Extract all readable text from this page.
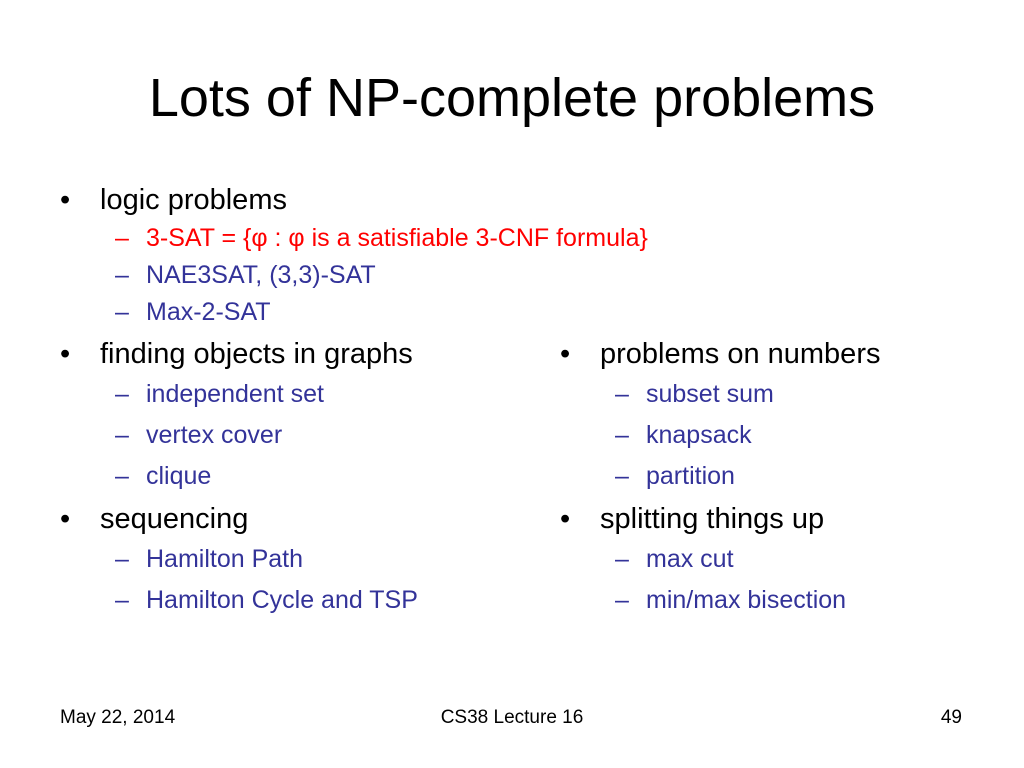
Lots of NP-complete problems
• logic problems
– 3-SAT = {φ : φ is a satisfiable 3-CNF formula}
– NAE3SAT, (3,3)-SAT
– Max-2-SAT
• finding objects in graphs
– independent set
– vertex cover
– clique
• sequencing
– Hamilton Path
– Hamilton Cycle and TSP
• problems on numbers
– subset sum
– knapsack
– partition
• splitting things up
– max cut
– min/max bisection
May 22, 2014	CS38 Lecture 16	49
